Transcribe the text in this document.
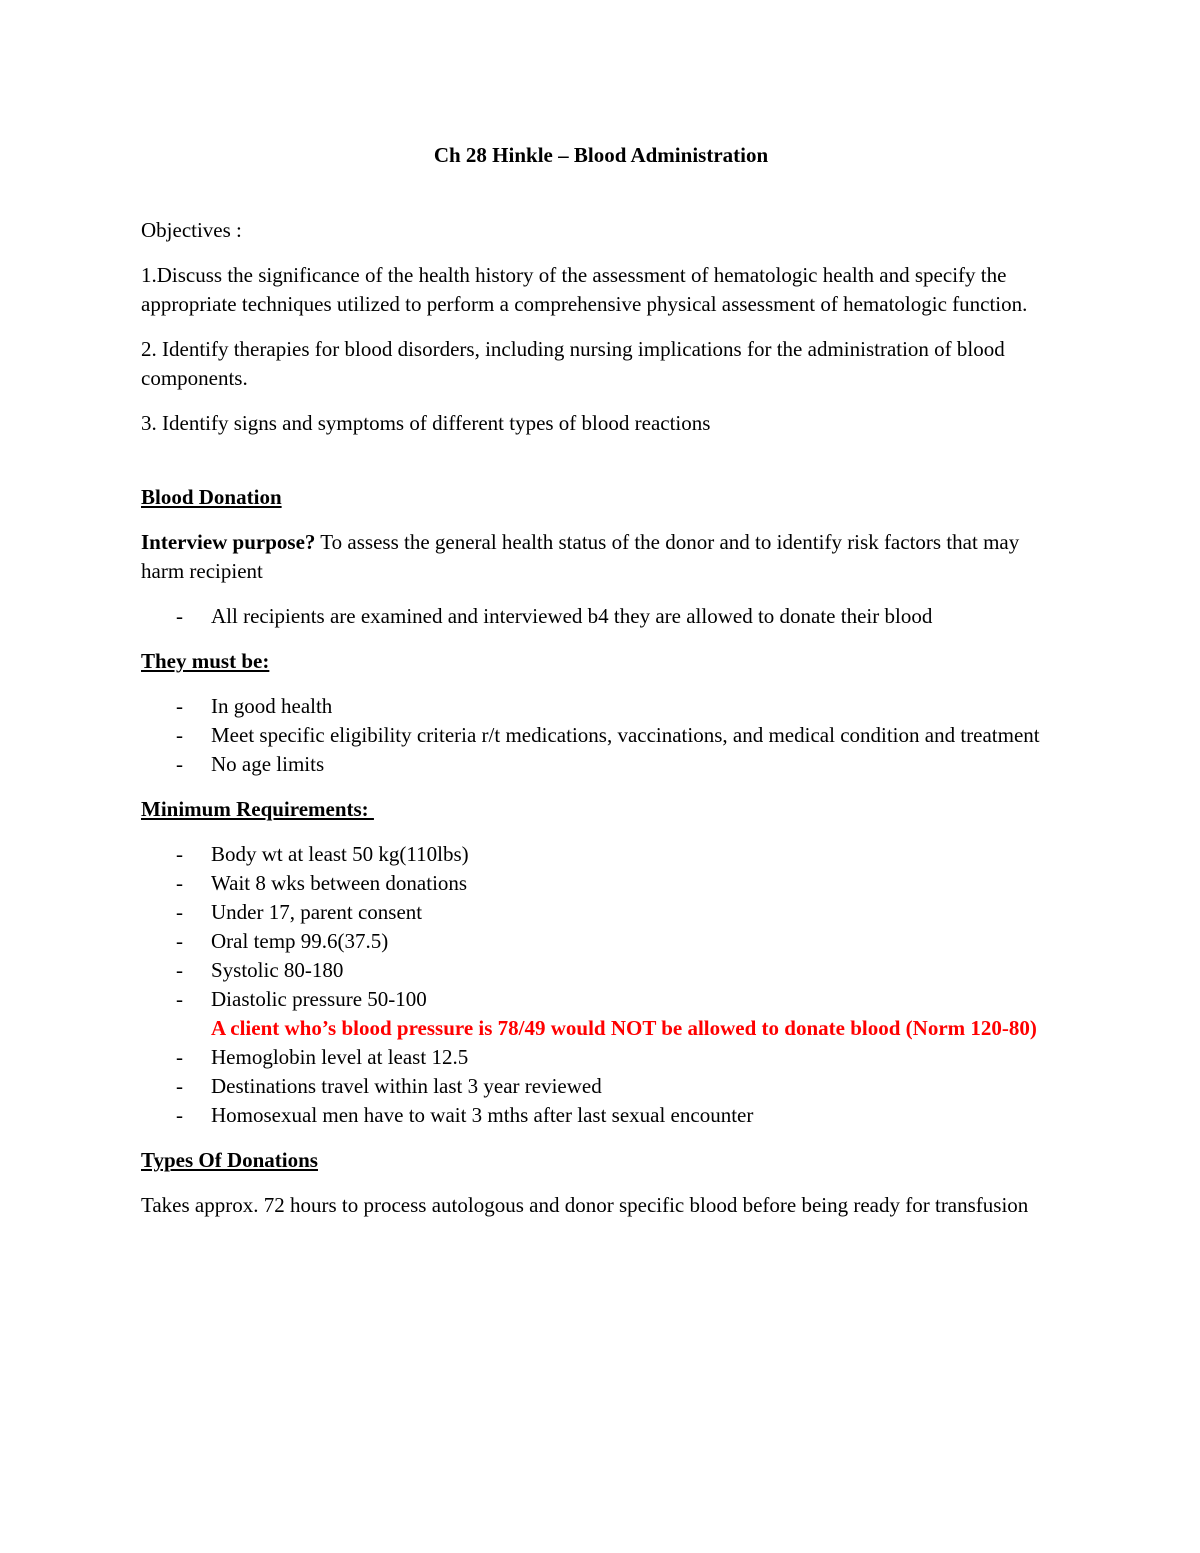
Ch 28 Hinkle – Blood Administration

Objectives :

1.Discuss the significance of the health history of the assessment of hematologic health and specify the appropriate techniques utilized to perform a comprehensive physical assessment of hematologic function.

2. Identify therapies for blood disorders, including nursing implications for the administration of blood components.

3. Identify signs and symptoms of different types of blood reactions

Blood Donation

Interview purpose? To assess the general health status of the donor and to identify risk factors that may harm recipient

- All recipients are examined and interviewed b4 they are allowed to donate their blood
They must be:
- In good health
- Meet specific eligibility criteria r/t medications, vaccinations, and medical condition and treatment
- No age limits
Minimum Requirements:
- Body wt at least 50 kg(110lbs)
- Wait 8 wks between donations
- Under 17, parent consent
- Oral temp 99.6(37.5)
- Systolic 80-180
- Diastolic pressure 50-100
A client who’s blood pressure is 78/49 would NOT be allowed to donate blood (Norm 120-80)
- Hemoglobin level at least 12.5
- Destinations travel within last 3 year reviewed
- Homosexual men have to wait 3 mths after last sexual encounter
Types Of Donations

Takes approx. 72 hours to process autologous and donor specific blood before being ready for transfusion
